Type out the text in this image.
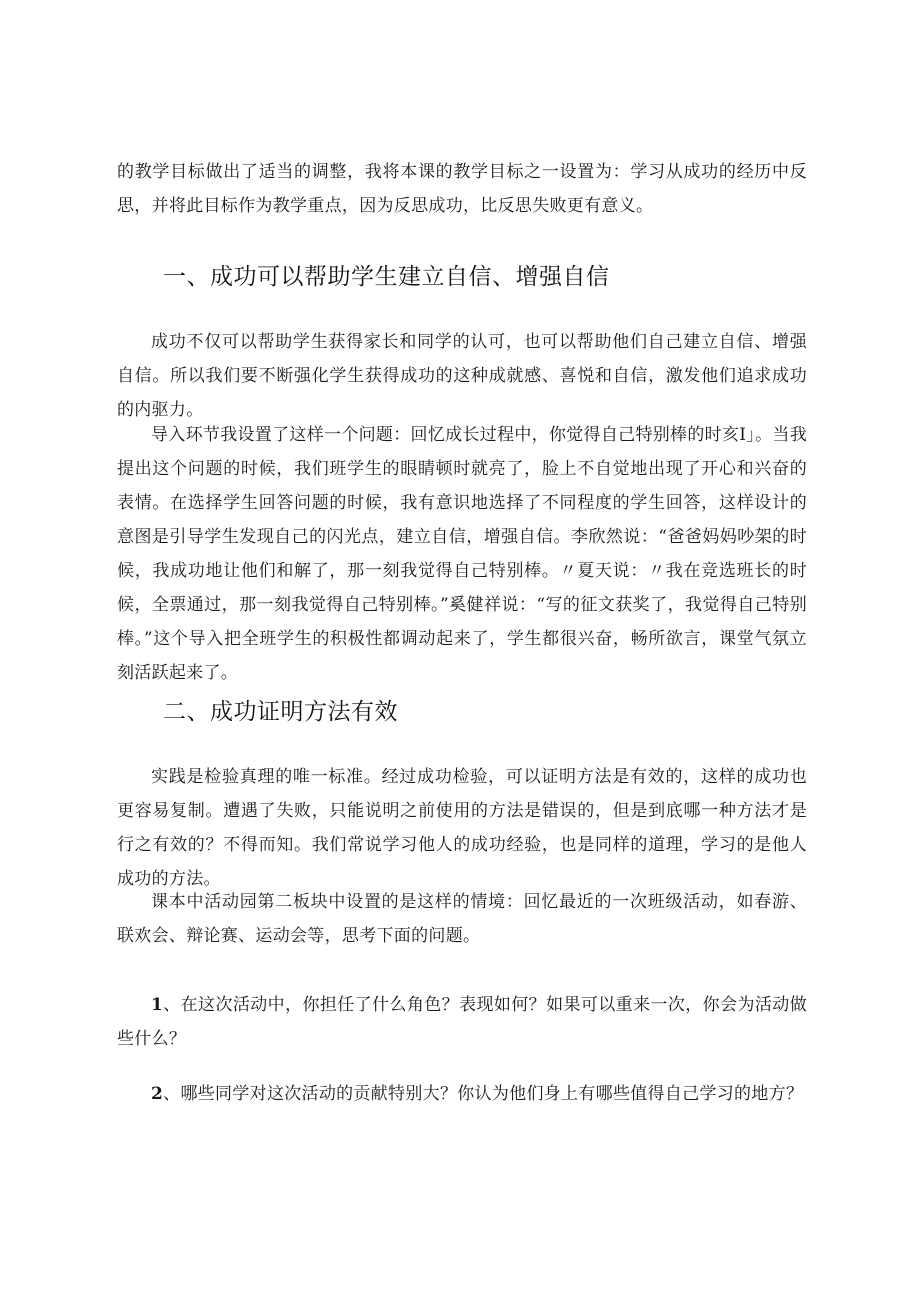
的教学目标做出了适当的调整，我将本课的教学目标之一设置为：学习从成功的经历中反思，并将此目标作为教学重点，因为反思成功，比反思失败更有意义。

一、成功可以帮助学生建立自信、增强自信

成功不仅可以帮助学生获得家长和同学的认可，也可以帮助他们自己建立自信、增强自信。所以我们要不断强化学生获得成功的这种成就感、喜悦和自信，激发他们追求成功的内驱力。

导入环节我设置了这样一个问题：回忆成长过程中，你觉得自己特别棒的时亥I」。当我提出这个问题的时候，我们班学生的眼睛顿时就亮了，脸上不自觉地出现了开心和兴奋的表情。在选择学生回答问题的时候，我有意识地选择了不同程度的学生回答，这样设计的意图是引导学生发现自己的闪光点，建立自信，增强自信。李欣然说：“爸爸妈妈吵架的时候，我成功地让他们和解了，那一刻我觉得自己特别棒。〃夏天说：〃我在竞选班长的时候，全票通过，那一刻我觉得自己特别棒。”奚健祥说：“写的征文获奖了，我觉得自己特别棒。”这个导入把全班学生的积极性都调动起来了，学生都很兴奋，畅所欲言，课堂气氛立刻活跃起来了。

二、成功证明方法有效

实践是检验真理的唯一标准。经过成功检验，可以证明方法是有效的，这样的成功也更容易复制。遭遇了失败，只能说明之前使用的方法是错误的，但是到底哪一种方法才是行之有效的？不得而知。我们常说学习他人的成功经验，也是同样的道理，学习的是他人成功的方法。

课本中活动园第二板块中设置的是这样的情境：回忆最近的一次班级活动，如春游、联欢会、辩论赛、运动会等，思考下面的问题。

1、在这次活动中，你担任了什么角色？表现如何？如果可以重来一次，你会为活动做些什么？

2、哪些同学对这次活动的贡献特别大？你认为他们身上有哪些值得自己学习的地方？
